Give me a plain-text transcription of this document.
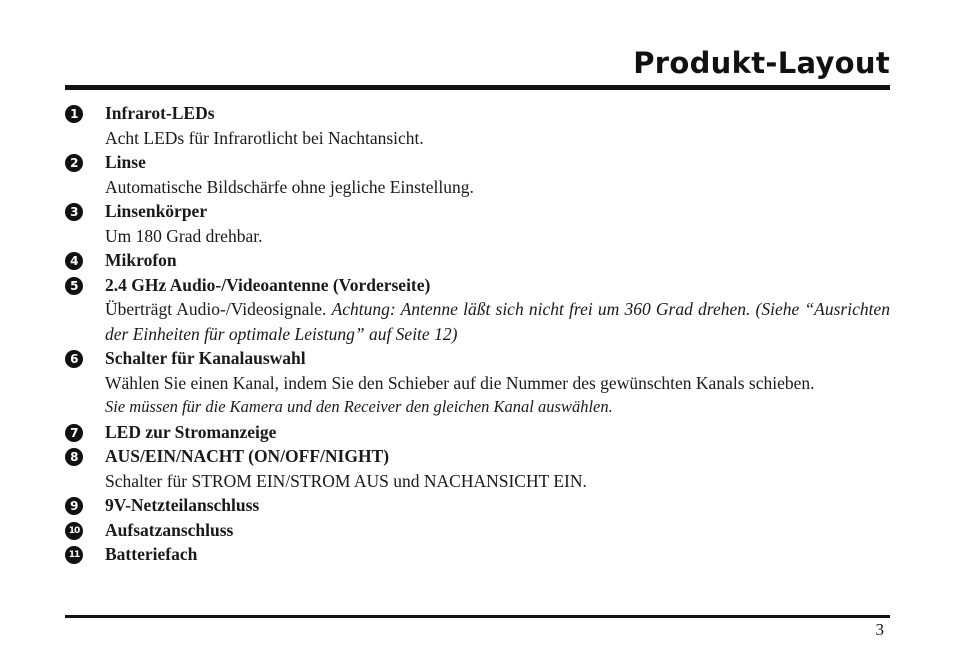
Produkt-Layout
1 Infrarot-LEDs
Acht LEDs für Infrarotlicht bei Nachtansicht.
2 Linse
Automatische Bildschärfe ohne jegliche Einstellung.
3 Linsenkörper
Um 180 Grad drehbar.
4 Mikrofon
5 2.4 GHz Audio-/Videoantenne (Vorderseite)
Überträgt Audio-/Videosignale. Achtung: Antenne läßt sich nicht frei um 360 Grad drehen. (Siehe “Ausrichten der Einheiten für optimale Leistung” auf Seite 12)
6 Schalter für Kanalauswahl
Wählen Sie einen Kanal, indem Sie den Schieber auf die Nummer des gewünschten Kanals schieben.
Sie müssen für die Kamera und den Receiver den gleichen Kanal auswählen.
7 LED zur Stromanzeige
8 AUS/EIN/NACHT (ON/OFF/NIGHT)
Schalter für STROM EIN/STROM AUS und NACHANSICHT EIN.
9 9V-Netzteilanschluss
10 Aufsatzanschluss
11 Batteriefach
3
